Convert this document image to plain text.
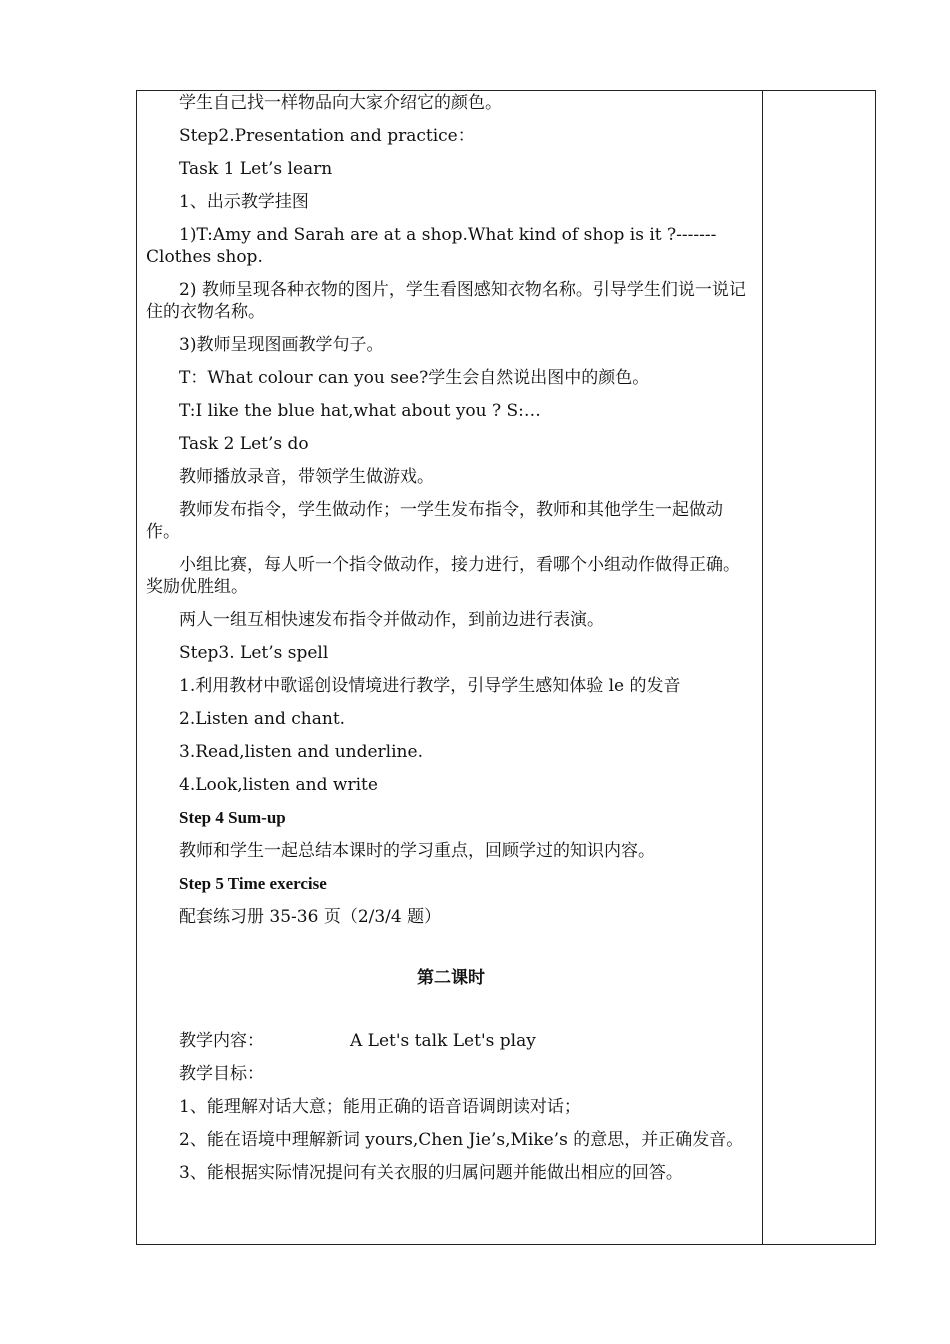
学生自己找一样物品向大家介绍它的颜色。

Step2.Presentation and practice：

Task 1 Let’s learn

1、出示教学挂图

1)T:Amy and Sarah are at a shop.What kind of shop is it ?-------Clothes shop.

2) 教师呈现各种衣物的图片，学生看图感知衣物名称。引导学生们说一说记住的衣物名称。

3)教师呈现图画教学句子。

T：What colour can you see?学生会自然说出图中的颜色。

T:I like the blue hat,what about you ? S:…

Task 2 Let’s do

教师播放录音，带领学生做游戏。

教师发布指令，学生做动作；一学生发布指令，教师和其他学生一起做动作。

小组比赛，每人听一个指令做动作，接力进行，看哪个小组动作做得正确。奖励优胜组。

两人一组互相快速发布指令并做动作，到前边进行表演。

Step3. Let’s spell

1.利用教材中歌谣创设情境进行教学，引导学生感知体验 le 的发音

2.Listen and chant.

3.Read,listen and underline.

4.Look,listen and write

Step 4 Sum-up

教师和学生一起总结本课时的学习重点，回顾学过的知识内容。

Step 5 Time exercise

配套练习册 35-36 页（2/3/4 题）

第二课时

教学内容：	A Let's talk Let's play

教学目标：

1、能理解对话大意；能用正确的语音语调朗读对话；

2、能在语境中理解新词 yours,Chen Jie’s,Mike’s 的意思，并正确发音。

3、能根据实际情况提问有关衣服的归属问题并能做出相应的回答。
